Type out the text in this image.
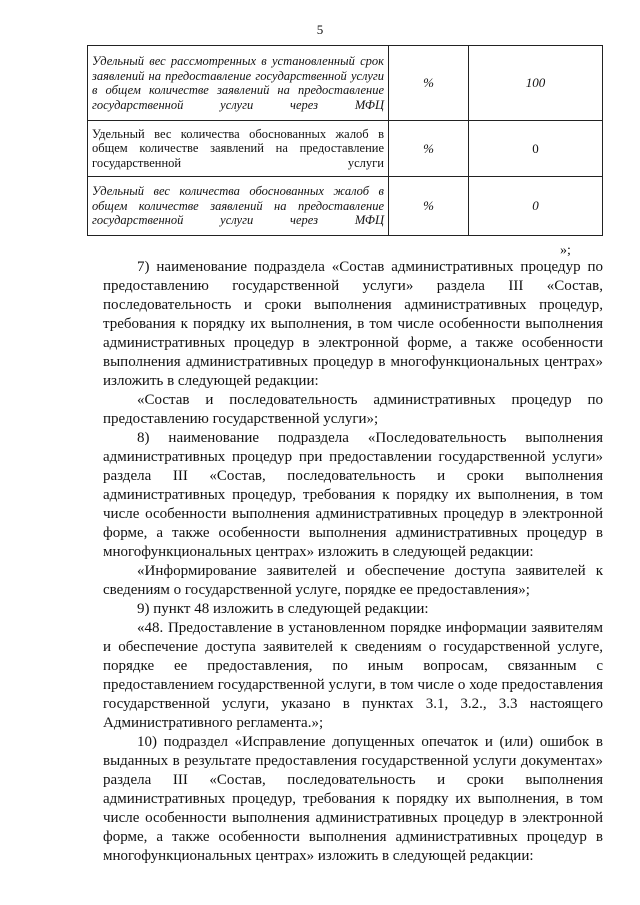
5
Удельный вес рассмотренных в установленный срок заявлений на предоставление государственной услуги в общем количестве заявлений на предоставление государственной услуги через МФЦ	%	100
Удельный вес количества обоснованных жалоб в общем количестве заявлений на предоставление государственной услуги	%	0
Удельный вес количества обоснованных жалоб в общем количестве заявлений на предоставление государственной услуги через МФЦ	%	0
»;

7) наименование подраздела «Состав административных процедур по предоставлению государственной услуги» раздела III «Состав, последовательность и сроки выполнения административных процедур, требования к порядку их выполнения, в том числе особенности выполнения административных процедур в электронной форме, а также особенности выполнения административных процедур в многофункциональных центрах» изложить в следующей редакции:

«Состав и последовательность административных процедур по предоставлению государственной услуги»;

8) наименование подраздела «Последовательность выполнения административных процедур при предоставлении государственной услуги» раздела III «Состав, последовательность и сроки выполнения административных процедур, требования к порядку их выполнения, в том числе особенности выполнения административных процедур в электронной форме, а также особенности выполнения административных процедур в многофункциональных центрах» изложить в следующей редакции:

«Информирование заявителей и обеспечение доступа заявителей к сведениям о государственной услуге, порядке ее предоставления»;

9) пункт 48 изложить в следующей редакции:

«48. Предоставление в установленном порядке информации заявителям и обеспечение доступа заявителей к сведениям о государственной услуге, порядке ее предоставления, по иным вопросам, связанным с предоставлением государственной услуги, в том числе о ходе предоставления государственной услуги, указано в пунктах 3.1, 3.2., 3.3 настоящего Административного регламента.»;

10) подраздел «Исправление допущенных опечаток и (или) ошибок в выданных в результате предоставления государственной услуги документах» раздела III «Состав, последовательность и сроки выполнения административных процедур, требования к порядку их выполнения, в том числе особенности выполнения административных процедур в электронной форме, а также особенности выполнения административных процедур в многофункциональных центрах» изложить в следующей редакции:
